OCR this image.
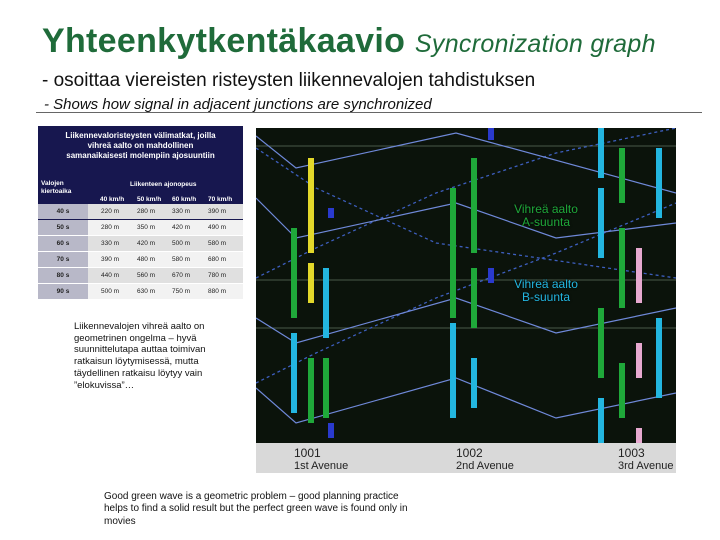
Yhteenkytkentäkaavio Syncronization graph
- osoittaa viereisten risteysten liikennevalojen tahdistuksen
- Shows how signal in adjacent junctions are synchronized
Liikennevaloristeysten välimatkat, joilla vihreä aalto on mahdollinen samanaikaisesti molempiin ajosuuntiin
Valojen kiertoaika
Liikenteen ajonopeus
40 km/h 50 km/h 60 km/h 70 km/h
40 s	220 m	280 m	330 m	390 m
50 s	280 m	350 m	420 m	490 m
60 s	330 m	420 m	500 m	580 m
70 s	390 m	480 m	580 m	680 m
80 s	440 m	560 m	670 m	780 m
90 s	500 m	630 m	750 m	880 m
Vihreä aalto
A-suunta
Vihreä aalto
B-suunta
1001
1st Avenue
1002
2nd Avenue
1003
3rd Avenue
Liikennevalojen vihreä aalto on geometrinen ongelma – hyvä suunnittelutapa auttaa toimivan ratkaisun löytymisessä, mutta täydellinen ratkaisu löytyy vain ”elokuvissa”…
Good green wave is a geometric problem – good planning practice helps to find a solid result but the perfect green wave is found only in movies
